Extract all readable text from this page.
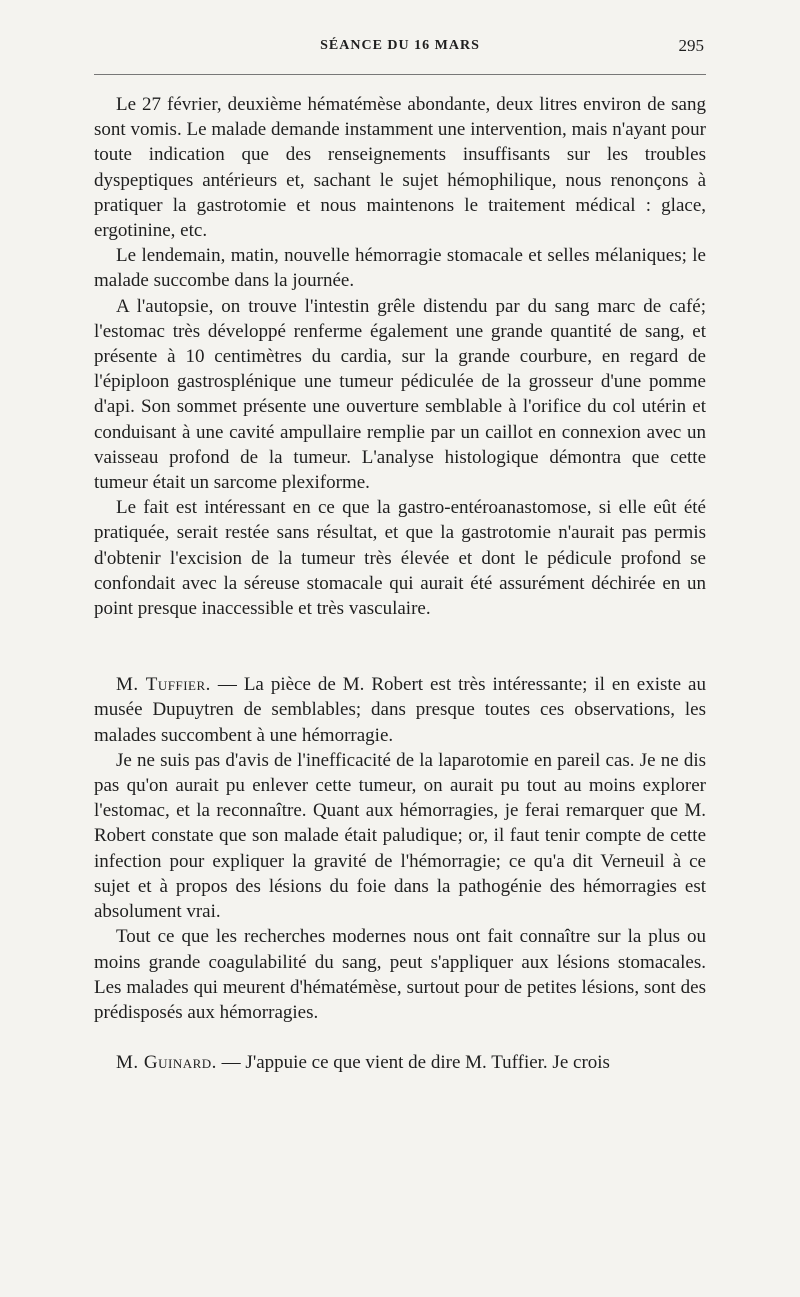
SÉANCE DU 16 MARS	295

Le 27 février, deuxième hématémèse abondante, deux litres environ de sang sont vomis. Le malade demande instamment une intervention, mais n'ayant pour toute indication que des renseignements insuffisants sur les troubles dyspeptiques antérieurs et, sachant le sujet hémophilique, nous renonçons à pratiquer la gastrotomie et nous maintenons le traitement médical : glace, ergotinine, etc.

Le lendemain, matin, nouvelle hémorragie stomacale et selles mélaniques; le malade succombe dans la journée.

A l'autopsie, on trouve l'intestin grêle distendu par du sang marc de café; l'estomac très développé renferme également une grande quantité de sang, et présente à 10 centimètres du cardia, sur la grande courbure, en regard de l'épiploon gastrosplénique une tumeur pédiculée de la grosseur d'une pomme d'api. Son sommet présente une ouverture semblable à l'orifice du col utérin et conduisant à une cavité ampullaire remplie par un caillot en connexion avec un vaisseau profond de la tumeur. L'analyse histologique démontra que cette tumeur était un sarcome plexiforme.

Le fait est intéressant en ce que la gastro-entéroanastomose, si elle eût été pratiquée, serait restée sans résultat, et que la gastrotomie n'aurait pas permis d'obtenir l'excision de la tumeur très élevée et dont le pédicule profond se confondait avec la séreuse stomacale qui aurait été assurément déchirée en un point presque inaccessible et très vasculaire.

M. Tuffier. — La pièce de M. Robert est très intéressante; il en existe au musée Dupuytren de semblables; dans presque toutes ces observations, les malades succombent à une hémorragie.

Je ne suis pas d'avis de l'inefficacité de la laparotomie en pareil cas. Je ne dis pas qu'on aurait pu enlever cette tumeur, on aurait pu tout au moins explorer l'estomac, et la reconnaître. Quant aux hémorragies, je ferai remarquer que M. Robert constate que son malade était paludique; or, il faut tenir compte de cette infection pour expliquer la gravité de l'hémorragie; ce qu'a dit Verneuil à ce sujet et à propos des lésions du foie dans la pathogénie des hémorragies est absolument vrai.

Tout ce que les recherches modernes nous ont fait connaître sur la plus ou moins grande coagulabilité du sang, peut s'appliquer aux lésions stomacales. Les malades qui meurent d'hématémèse, surtout pour de petites lésions, sont des prédisposés aux hémorragies.

M. Guinard. — J'appuie ce que vient de dire M. Tuffier. Je crois
